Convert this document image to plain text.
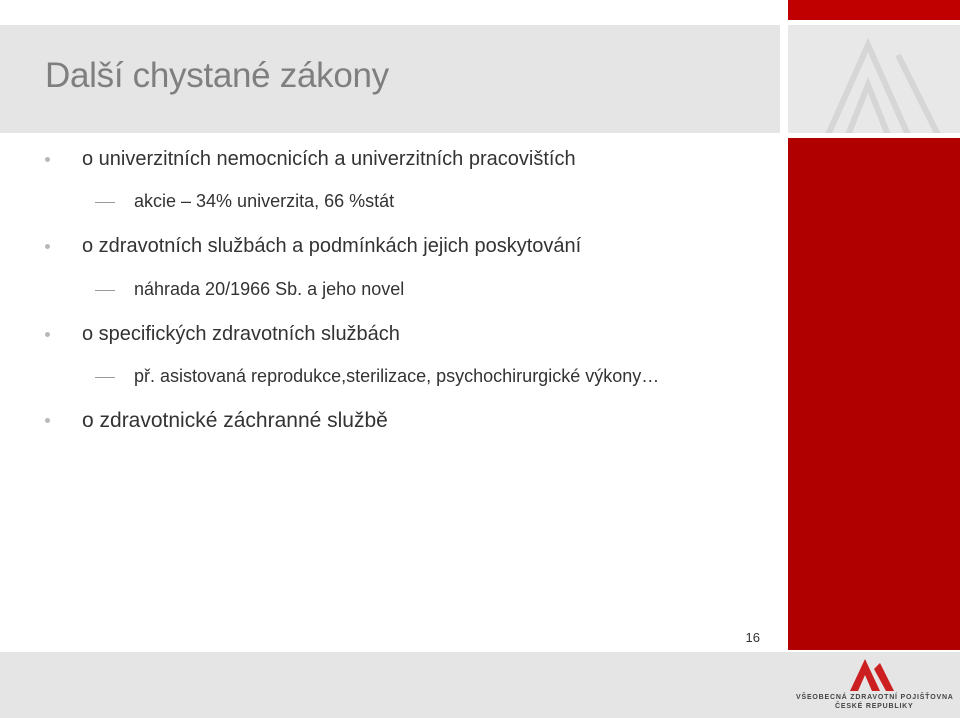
Další chystané zákony
o univerzitních nemocnicích a univerzitních pracovištích
akcie – 34% univerzita, 66 %stát
o zdravotních službách a podmínkách jejich poskytování
náhrada 20/1966 Sb. a jeho novel
o specifických zdravotních službách
př. asistovaná reprodukce,sterilizace, psychochirurgické výkony…
o zdravotnické záchranné službě
16
VŠEOBECNÁ ZDRAVOTNÍ POJIŠŤOVNA
ČESKÉ REPUBLIKY
